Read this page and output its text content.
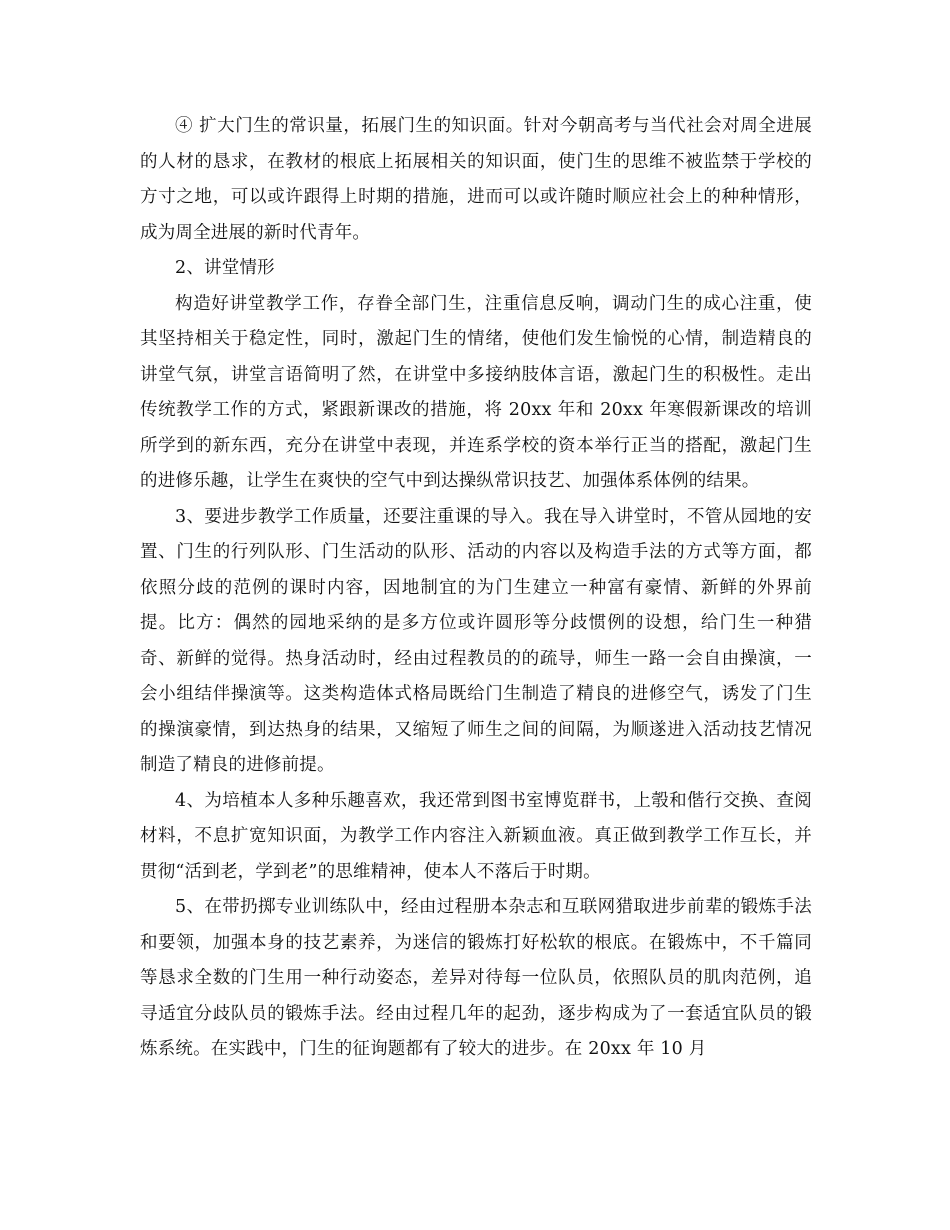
④ 扩大门生的常识量，拓展门生的知识面。针对今朝高考与当代社会对周全进展的人材的恳求，在教材的根底上拓展相关的知识面，使门生的思维不被监禁于学校的方寸之地，可以或许跟得上时期的措施，进而可以或许随时顺应社会上的种种情形，成为周全进展的新时代青年。

2、讲堂情形

构造好讲堂教学工作，存眷全部门生，注重信息反响，调动门生的成心注重，使其坚持相关于稳定性，同时，激起门生的情绪，使他们发生愉悦的心情，制造精良的讲堂气氛，讲堂言语简明了然，在讲堂中多接纳肢体言语，激起门生的积极性。走出传统教学工作的方式，紧跟新课改的措施，将 20xx 年和 20xx 年寒假新课改的培训所学到的新东西，充分在讲堂中表现，并连系学校的资本举行正当的搭配，激起门生的进修乐趣，让学生在爽快的空气中到达操纵常识技艺、加强体系体例的结果。

3、要进步教学工作质量，还要注重课的导入。我在导入讲堂时，不管从园地的安置、门生的行列队形、门生活动的队形、活动的内容以及构造手法的方式等方面，都依照分歧的范例的课时内容，因地制宜的为门生建立一种富有豪情、新鲜的外界前提。比方：偶然的园地采纳的是多方位或许圆形等分歧惯例的设想，给门生一种猎奇、新鲜的觉得。热身活动时，经由过程教员的的疏导，师生一路一会自由操演，一会小组结伴操演等。这类构造体式格局既给门生制造了精良的进修空气，诱发了门生的操演豪情，到达热身的结果，又缩短了师生之间的间隔，为顺遂进入活动技艺情况制造了精良的进修前提。

4、为培植本人多种乐趣喜欢，我还常到图书室博览群书，上彀和偕行交换、查阅材料，不息扩宽知识面，为教学工作内容注入新颖血液。真正做到教学工作互长，并贯彻“活到老，学到老”的思维精神，使本人不落后于时期。

5、在带扔掷专业训练队中，经由过程册本杂志和互联网猎取进步前辈的锻炼手法和要领，加强本身的技艺素养，为迷信的锻炼打好松软的根底。在锻炼中，不千篇同等恳求全数的门生用一种行动姿态，差异对待每一位队员，依照队员的肌肉范例，追寻适宜分歧队员的锻炼手法。经由过程几年的起劲，逐步构成为了一套适宜队员的锻炼系统。在实践中，门生的征询题都有了较大的进步。在 20xx 年 10 月
